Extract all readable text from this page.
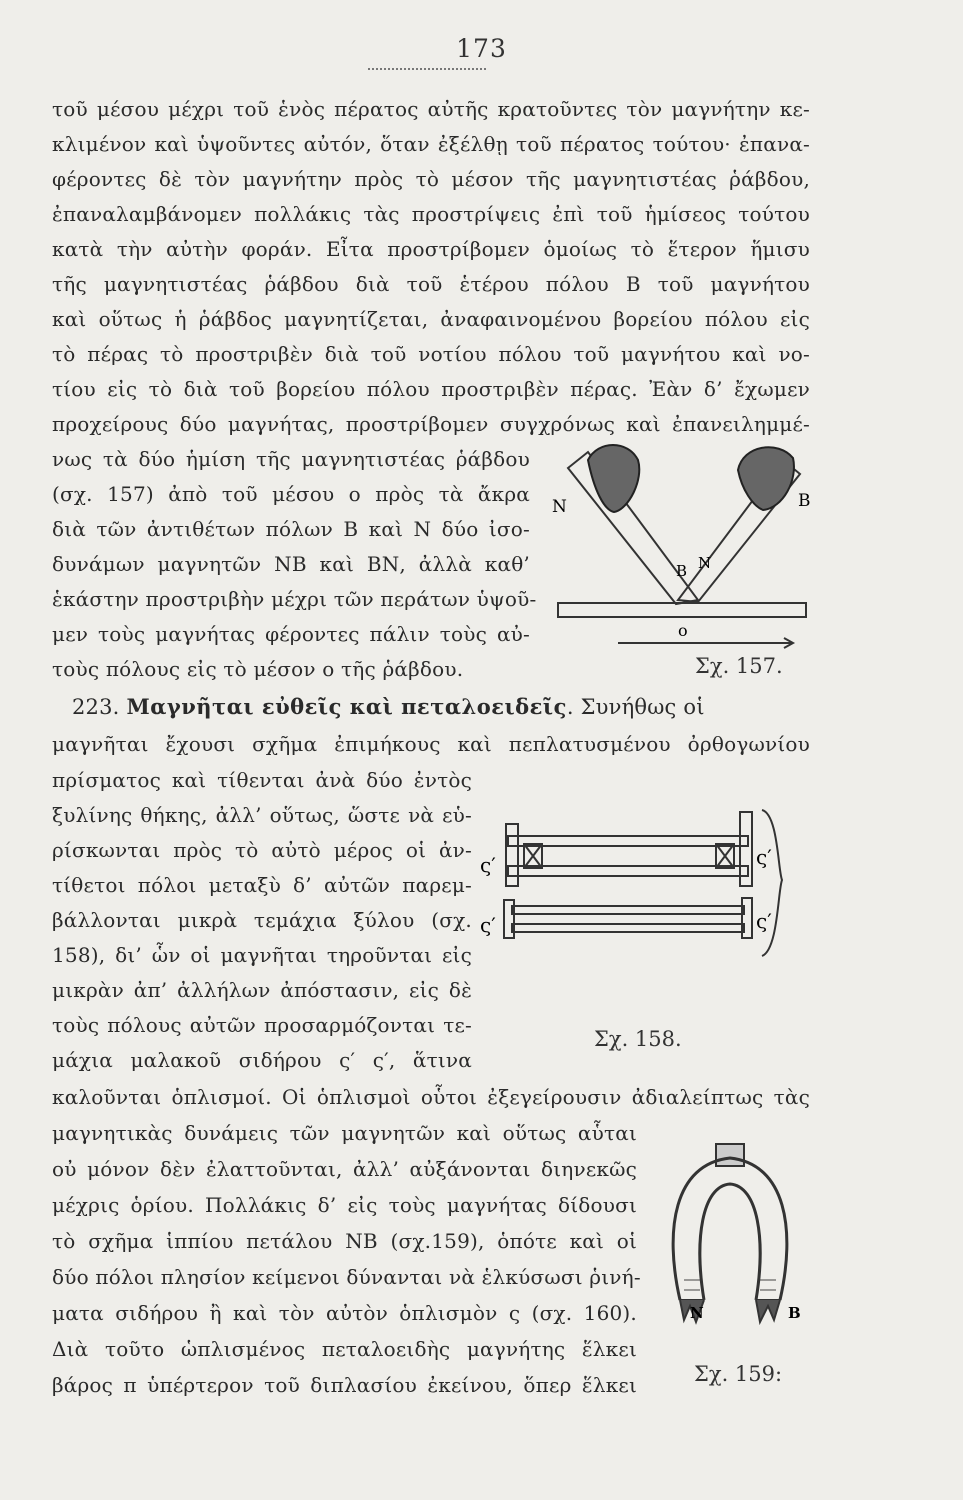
173
τοῦ μέσου μέχρι τοῦ ἑνὸς πέρατος αὐτῆς κρατοῦντες τὸν μαγνήτην κε-
κλιμένον καὶ ὑψοῦντες αὐτόν, ὅταν ἐξέλθῃ τοῦ πέρατος τούτου· ἐπανα-
φέροντες δὲ τὸν μαγνήτην πρὸς τὸ μέσον τῆς μαγνητιστέας ῥάβδου,
ἐπαναλαμβάνομεν πολλάκις τὰς προστρίψεις ἐπὶ τοῦ ἡμίσεος τούτου
κατὰ τὴν αὐτὴν φοράν. Εἶτα προστρίβομεν ὁμοίως τὸ ἕτερον ἥμισυ
τῆς μαγνητιστέας ῥάβδου διὰ τοῦ ἑτέρου πόλου Β τοῦ μαγνήτου
καὶ οὕτως ἡ ῥάβδος μαγνητίζεται, ἀναφαινομένου βορείου πόλου εἰς
τὸ πέρας τὸ προστριβὲν διὰ τοῦ νοτίου πόλου τοῦ μαγνήτου καὶ νο-
τίου εἰς τὸ διὰ τοῦ βορείου πόλου προστριβὲν πέρας. Ἐὰν δ’ ἔχωμεν
προχείρους δύο μαγνήτας, προστρίβομεν συγχρόνως καὶ ἐπανειλημμέ-
νως τὰ δύο ἡμίση τῆς μαγνητιστέας ῥάβδου
(σχ. 157) ἀπὸ τοῦ μέσου ο πρὸς τὰ ἄκρα
διὰ τῶν ἀντιθέτων πόλων Β καὶ Ν δύο ἰσο-
δυνάμων μαγνητῶν ΝΒ καὶ ΒΝ, ἀλλὰ καθ’
ἑκάστην προστριβὴν μέχρι τῶν περάτων ὑψοῦ-
μεν τοὺς μαγνήτας φέροντες πάλιν τοὺς αὐ-
τοὺς πόλους εἰς τὸ μέσον ο τῆς ῥάβδου.
N	B
B N
o
Σχ. 157.
223. Μαγνῆται εὐθεῖς καὶ πεταλοειδεῖς. Συνήθως οἱ
μαγνῆται ἔχουσι σχῆμα ἐπιμήκους καὶ πεπλατυσμένου ὀρθογωνίου
πρίσματος καὶ τίθενται ἀνὰ δύο ἐντὸς
ξυλίνης θήκης, ἀλλ’ οὕτως, ὥστε νὰ εὑ-
ρίσκωνται πρὸς τὸ αὐτὸ μέρος οἱ ἀν-
τίθετοι πόλοι μεταξὺ δ’ αὐτῶν παρεμ-
βάλλονται μικρὰ τεμάχια ξύλου (σχ.
158), δι’ ὧν οἱ μαγνῆται τηροῦνται εἰς
μικρὰν ἀπ’ ἀλλήλων ἀπόστασιν, εἰς δὲ
τοὺς πόλους αὐτῶν προσαρμόζονται τε-
μάχια μαλακοῦ σιδήρου ς′ ς′, ἅτινα
καλοῦνται ὁπλισμοί. Οἱ ὁπλισμοὶ οὗτοι ἐξεγείρουσιν ἀδιαλείπτως τὰς
μαγνητικὰς δυνάμεις τῶν μαγνητῶν καὶ οὕτως αὗται
οὐ μόνον δὲν ἐλαττοῦνται, ἀλλ’ αὐξάνονται διηνεκῶς
μέχρις ὁρίου. Πολλάκις δ’ εἰς τοὺς μαγνήτας δίδουσι
τὸ σχῆμα ἱππίου πετάλου ΝΒ (σχ.159), ὁπότε καὶ οἱ
δύο πόλοι πλησίον κείμενοι δύνανται νὰ ἑλκύσωσι ῥινή-
ματα σιδήρου ἢ καὶ τὸν αὐτὸν ὁπλισμὸν ς (σχ. 160).
Διὰ τοῦτο ὡπλισμένος πεταλοειδὴς μαγνήτης ἕλκει
βάρος π ὑπέρτερον τοῦ διπλασίου ἐκείνου, ὅπερ ἕλκει
ς′	ς′
ς′	ς′
Σχ. 158.
N	B
Σχ. 159:
